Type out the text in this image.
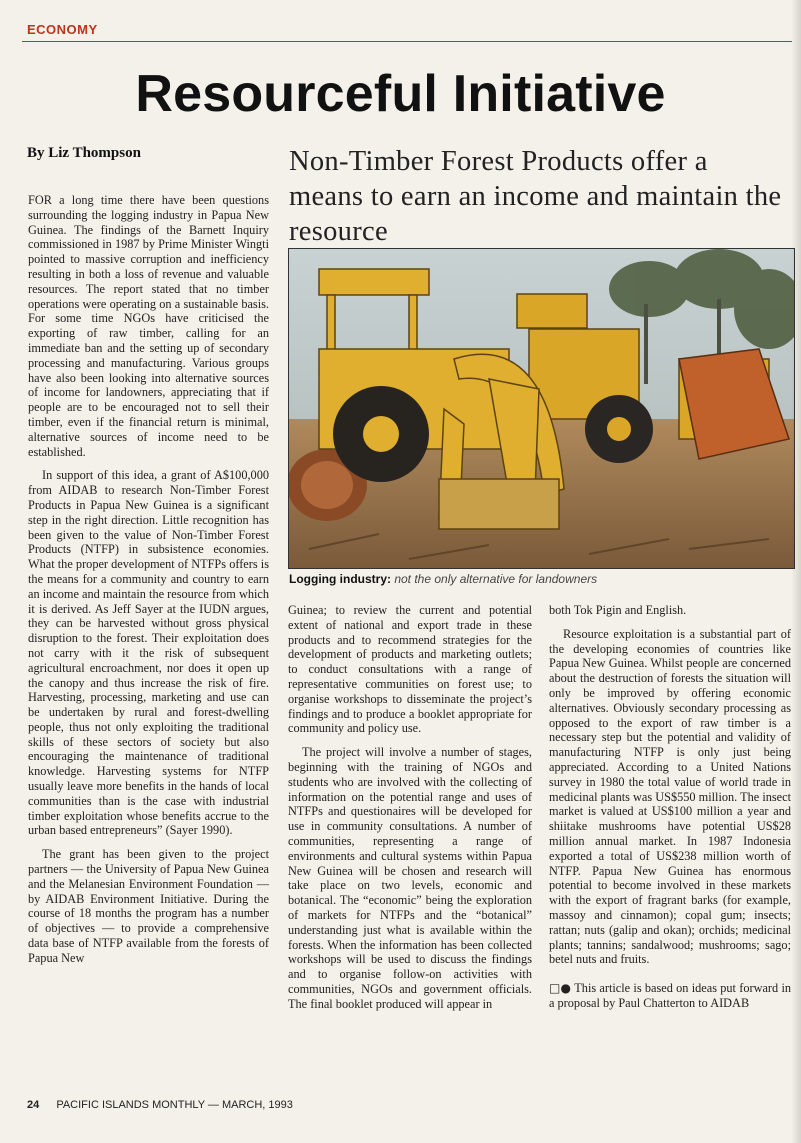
ECONOMY
Resourceful Initiative
By Liz Thompson	Non-Timber Forest Products offer a means to earn an income and maintain the resource

FOR a long time there have been questions surrounding the logging industry in Papua New Guinea. The findings of the Barnett Inquiry commissioned in 1987 by Prime Minister Wingti pointed to massive corruption and inefficiency resulting in both a loss of revenue and valuable resources. The report stated that no timber operations were operating on a sustainable basis. For some time NGOs have criticised the exporting of raw timber, calling for an immediate ban and the setting up of secondary processing and manufacturing. Various groups have also been looking into alternative sources of income for landowners, appreciating that if people are to be encouraged not to sell their timber, even if the financial return is minimal, alternative sources of income need to be established.

In support of this idea, a grant of A$100,000 from AIDAB to research Non-Timber Forest Products in Papua New Guinea is a significant step in the right direction. Little recognition has been given to the value of Non-Timber Forest Products (NTFP) in subsistence economies. What the proper development of NTFPs offers is the means for a community and country to earn an income and maintain the resource from which it is derived. As Jeff Sayer at the IUDN argues, they can be harvested without gross physical disruption to the forest. Their exploitation does not carry with it the risk of subsequent agricultural encroachment, nor does it open up the canopy and thus increase the risk of fire. Harvesting, processing, marketing and use can be undertaken by rural and forest-dwelling people, thus not only exploiting the traditional skills of these sectors of society but also encouraging the maintenance of traditional knowledge. Harvesting systems for NTFP usually leave more benefits in the hands of local communities than is the case with industrial timber exploitation whose benefits accrue to the urban based entrepreneurs” (Sayer 1990).

The grant has been given to the project partners — the University of Papua New Guinea and the Melanesian Environment Foundation — by AIDAB Environment Initiative. During the course of 18 months the program has a number of objectives — to provide a comprehensive data base of NTFP available from the forests of Papua New

Logging industry: not the only alternative for landowners

Guinea; to review the current and potential extent of national and export trade in these products and to recommend strategies for the development of products and marketing outlets; to conduct consultations with a range of representative communities on forest use; to organise workshops to disseminate the project’s findings and to produce a booklet appropriate for community and policy use.

The project will involve a number of stages, beginning with the training of NGOs and students who are involved with the collecting of information on the potential range and uses of NTFPs and questionaires will be developed for use in community consultations. A number of communities, representing a range of environments and cultural systems within Papua New Guinea will be chosen and research will take place on two levels, economic and botanical. The “economic” being the exploration of markets for NTFPs and the “botanical” understanding just what is available within the forests. When the information has been collected workshops will be used to discuss the findings and to organise follow-on activities with communities, NGOs and government officials. The final booklet produced will appear in

both Tok Pigin and English.

Resource exploitation is a substantial part of the developing economies of countries like Papua New Guinea. Whilst people are concerned about the destruction of forests the situation will only be improved by offering economic alternatives. Obviously secondary processing as opposed to the export of raw timber is a necessary step but the potential and validity of manufacturing NTFP is only just being appreciated. According to a United Nations survey in 1980 the total value of world trade in medicinal plants was US$550 million. The insect market is valued at US$100 million a year and shiitake mushrooms have potential US$28 million annual market. In 1987 Indonesia exported a total of US$238 million worth of NTFP. Papua New Guinea has enormous potential to become involved in these markets with the export of fragrant barks (for example, massoy and cinnamon); copal gum; insects; rattan; nuts (galip and okan); orchids; medicinal plants; tannins; sandalwood; mushrooms; sago; betel nuts and fruits.

□● This article is based on ideas put forward in a proposal by Paul Chatterton to AIDAB

24 PACIFIC ISLANDS MONTHLY — MARCH, 1993
